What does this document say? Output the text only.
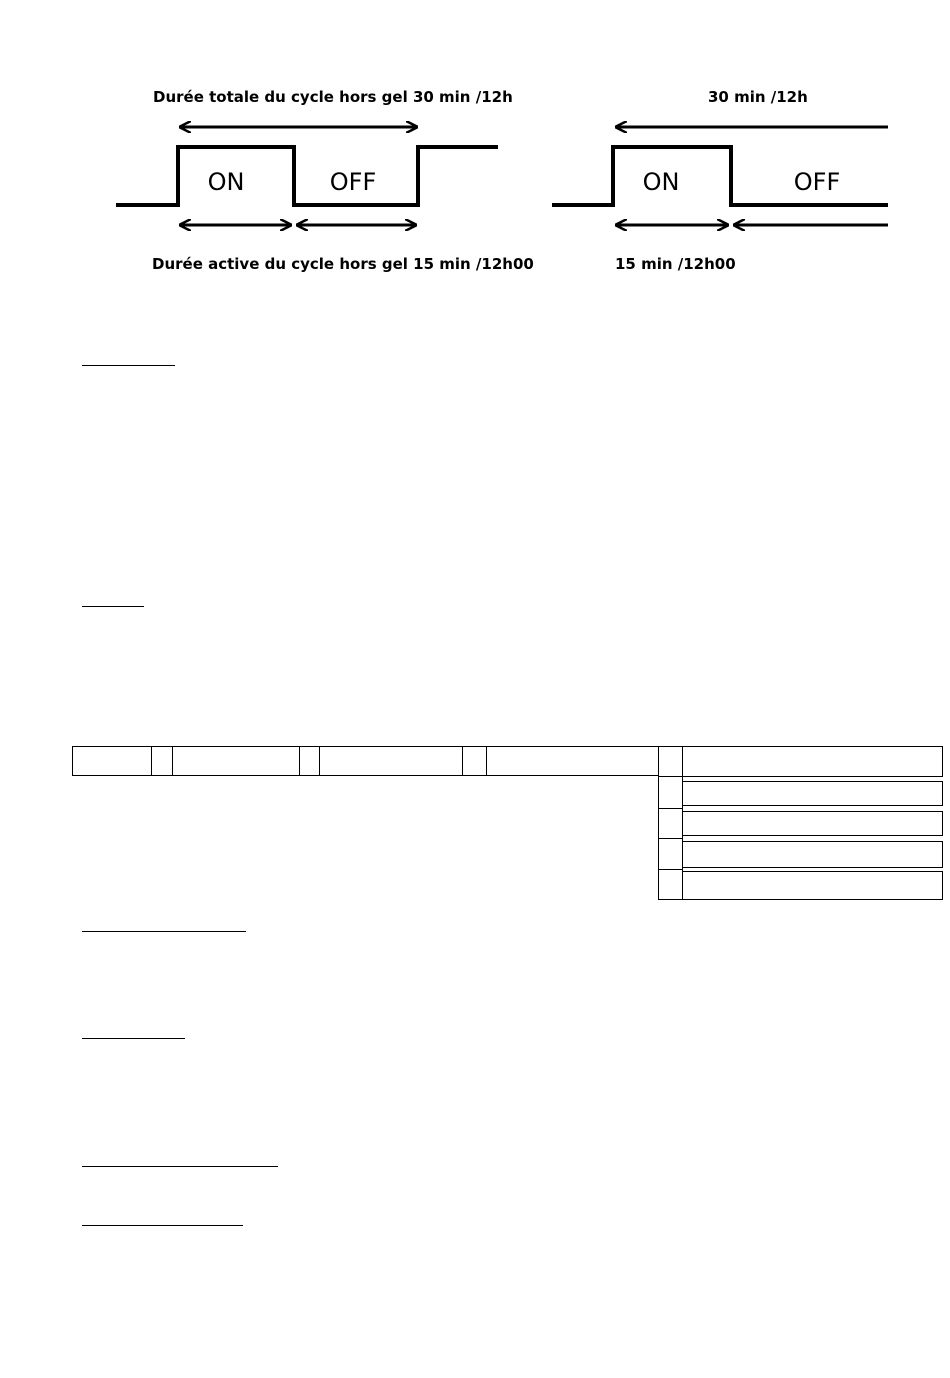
Durée totale du cycle hors gel 30 min /12h
ON	OFF
Durée active du cycle hors gel 15 min /12h00
30 min /12h
ON	OFF
15 min /12h00
